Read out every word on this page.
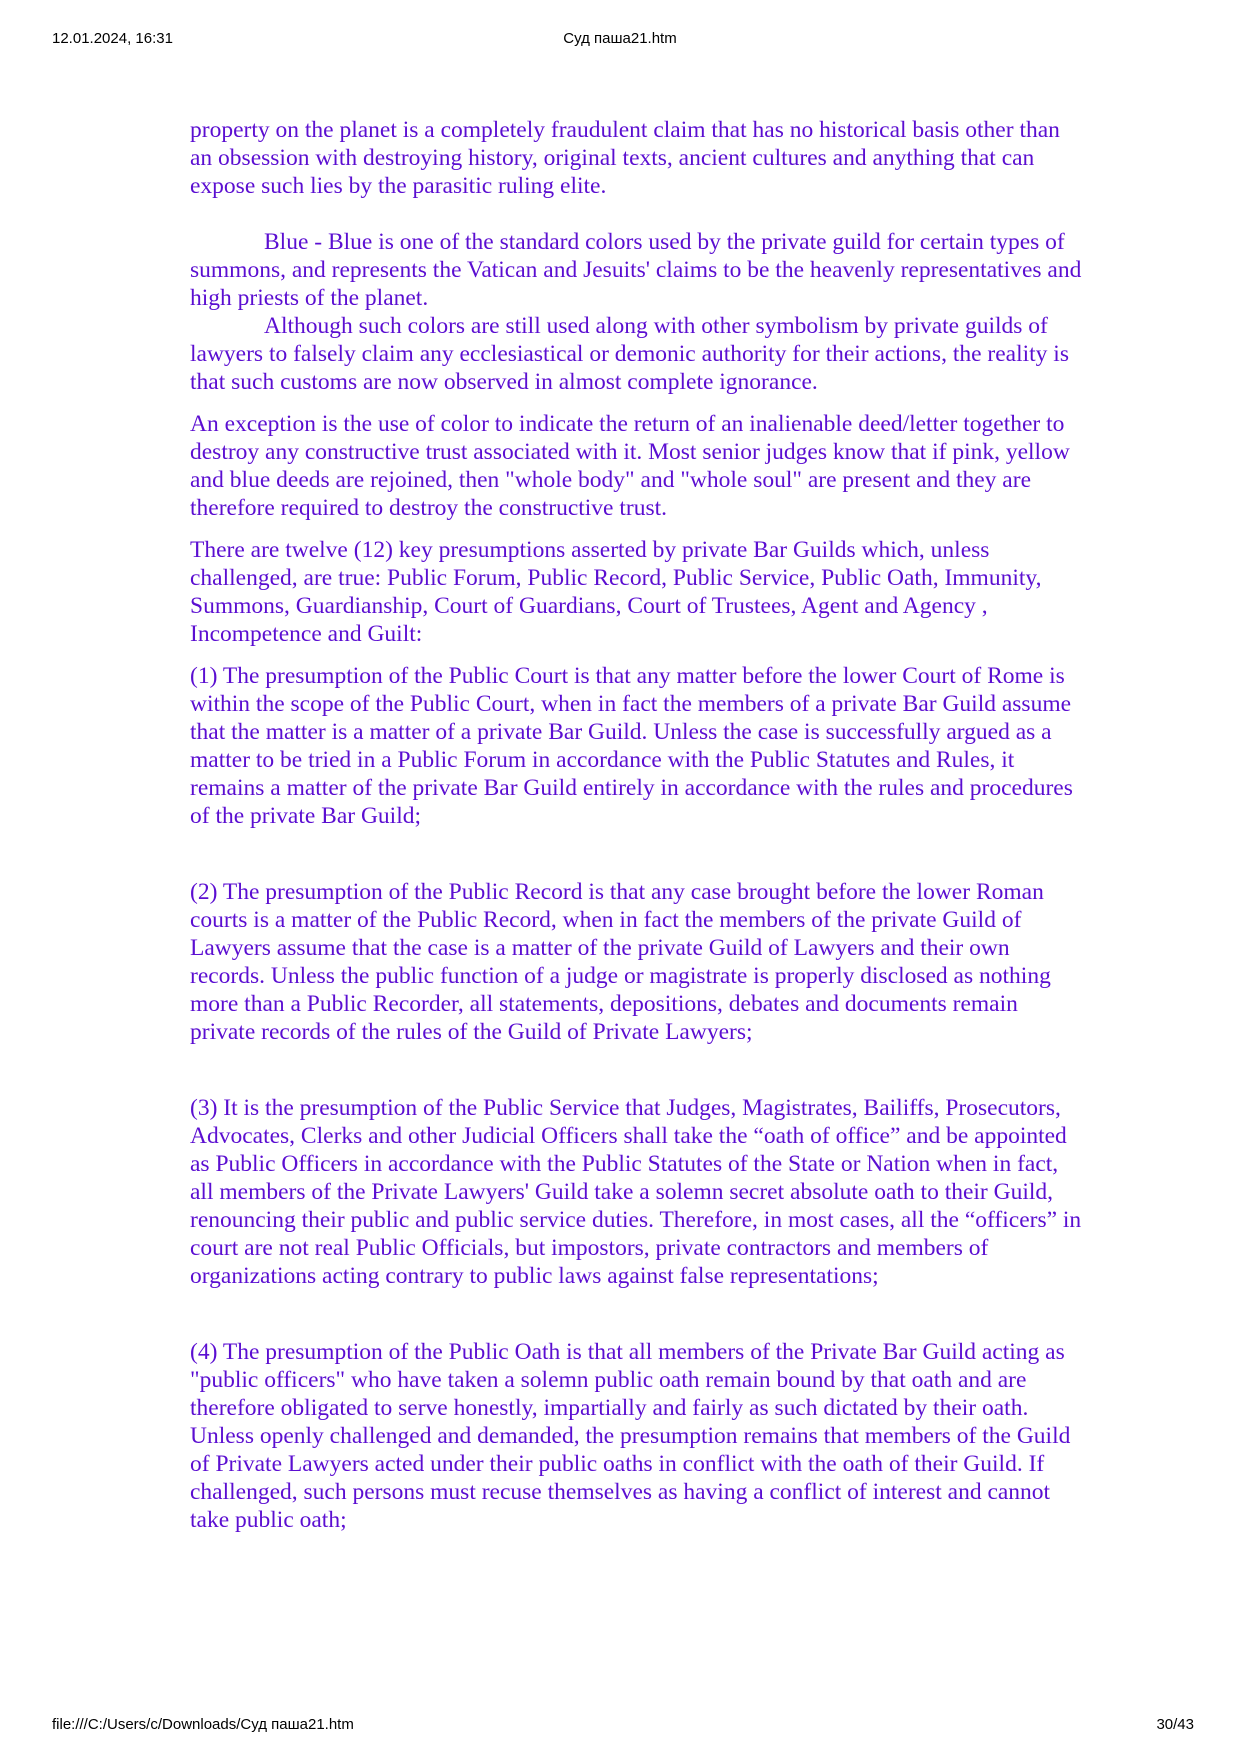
12.01.2024, 16:31	Суд паша21.htm

property on the planet is a completely fraudulent claim that has no historical basis other than
an obsession with destroying history, original texts, ancient cultures and anything that can
expose such lies by the parasitic ruling elite.

Blue - Blue is one of the standard colors used by the private guild for certain types of
summons, and represents the Vatican and Jesuits' claims to be the heavenly representatives and
high priests of the planet.

Although such colors are still used along with other symbolism by private guilds of
lawyers to falsely claim any ecclesiastical or demonic authority for their actions, the reality is
that such customs are now observed in almost complete ignorance.

An exception is the use of color to indicate the return of an inalienable deed/letter together to
destroy any constructive trust associated with it. Most senior judges know that if pink, yellow
and blue deeds are rejoined, then "whole body" and "whole soul" are present and they are
therefore required to destroy the constructive trust.

There are twelve (12) key presumptions asserted by private Bar Guilds which, unless
challenged, are true: Public Forum, Public Record, Public Service, Public Oath, Immunity,
Summons, Guardianship, Court of Guardians, Court of Trustees, Agent and Agency ,
Incompetence and Guilt:

(1) The presumption of the Public Court is that any matter before the lower Court of Rome is
within the scope of the Public Court, when in fact the members of a private Bar Guild assume
that the matter is a matter of a private Bar Guild. Unless the case is successfully argued as a
matter to be tried in a Public Forum in accordance with the Public Statutes and Rules, it
remains a matter of the private Bar Guild entirely in accordance with the rules and procedures
of the private Bar Guild;

(2) The presumption of the Public Record is that any case brought before the lower Roman
courts is a matter of the Public Record, when in fact the members of the private Guild of
Lawyers assume that the case is a matter of the private Guild of Lawyers and their own
records. Unless the public function of a judge or magistrate is properly disclosed as nothing
more than a Public Recorder, all statements, depositions, debates and documents remain
private records of the rules of the Guild of Private Lawyers;

(3) It is the presumption of the Public Service that Judges, Magistrates, Bailiffs, Prosecutors,
Advocates, Clerks and other Judicial Officers shall take the “oath of office” and be appointed
as Public Officers in accordance with the Public Statutes of the State or Nation when in fact,
all members of the Private Lawyers' Guild take a solemn secret absolute oath to their Guild,
renouncing their public and public service duties. Therefore, in most cases, all the “officers” in
court are not real Public Officials, but impostors, private contractors and members of
organizations acting contrary to public laws against false representations;

(4) The presumption of the Public Oath is that all members of the Private Bar Guild acting as
"public officers" who have taken a solemn public oath remain bound by that oath and are
therefore obligated to serve honestly, impartially and fairly as such dictated by their oath.
Unless openly challenged and demanded, the presumption remains that members of the Guild
of Private Lawyers acted under their public oaths in conflict with the oath of their Guild. If
challenged, such persons must recuse themselves as having a conflict of interest and cannot
take public oath;

file:///C:/Users/c/Downloads/Суд паша21.htm	30/43
